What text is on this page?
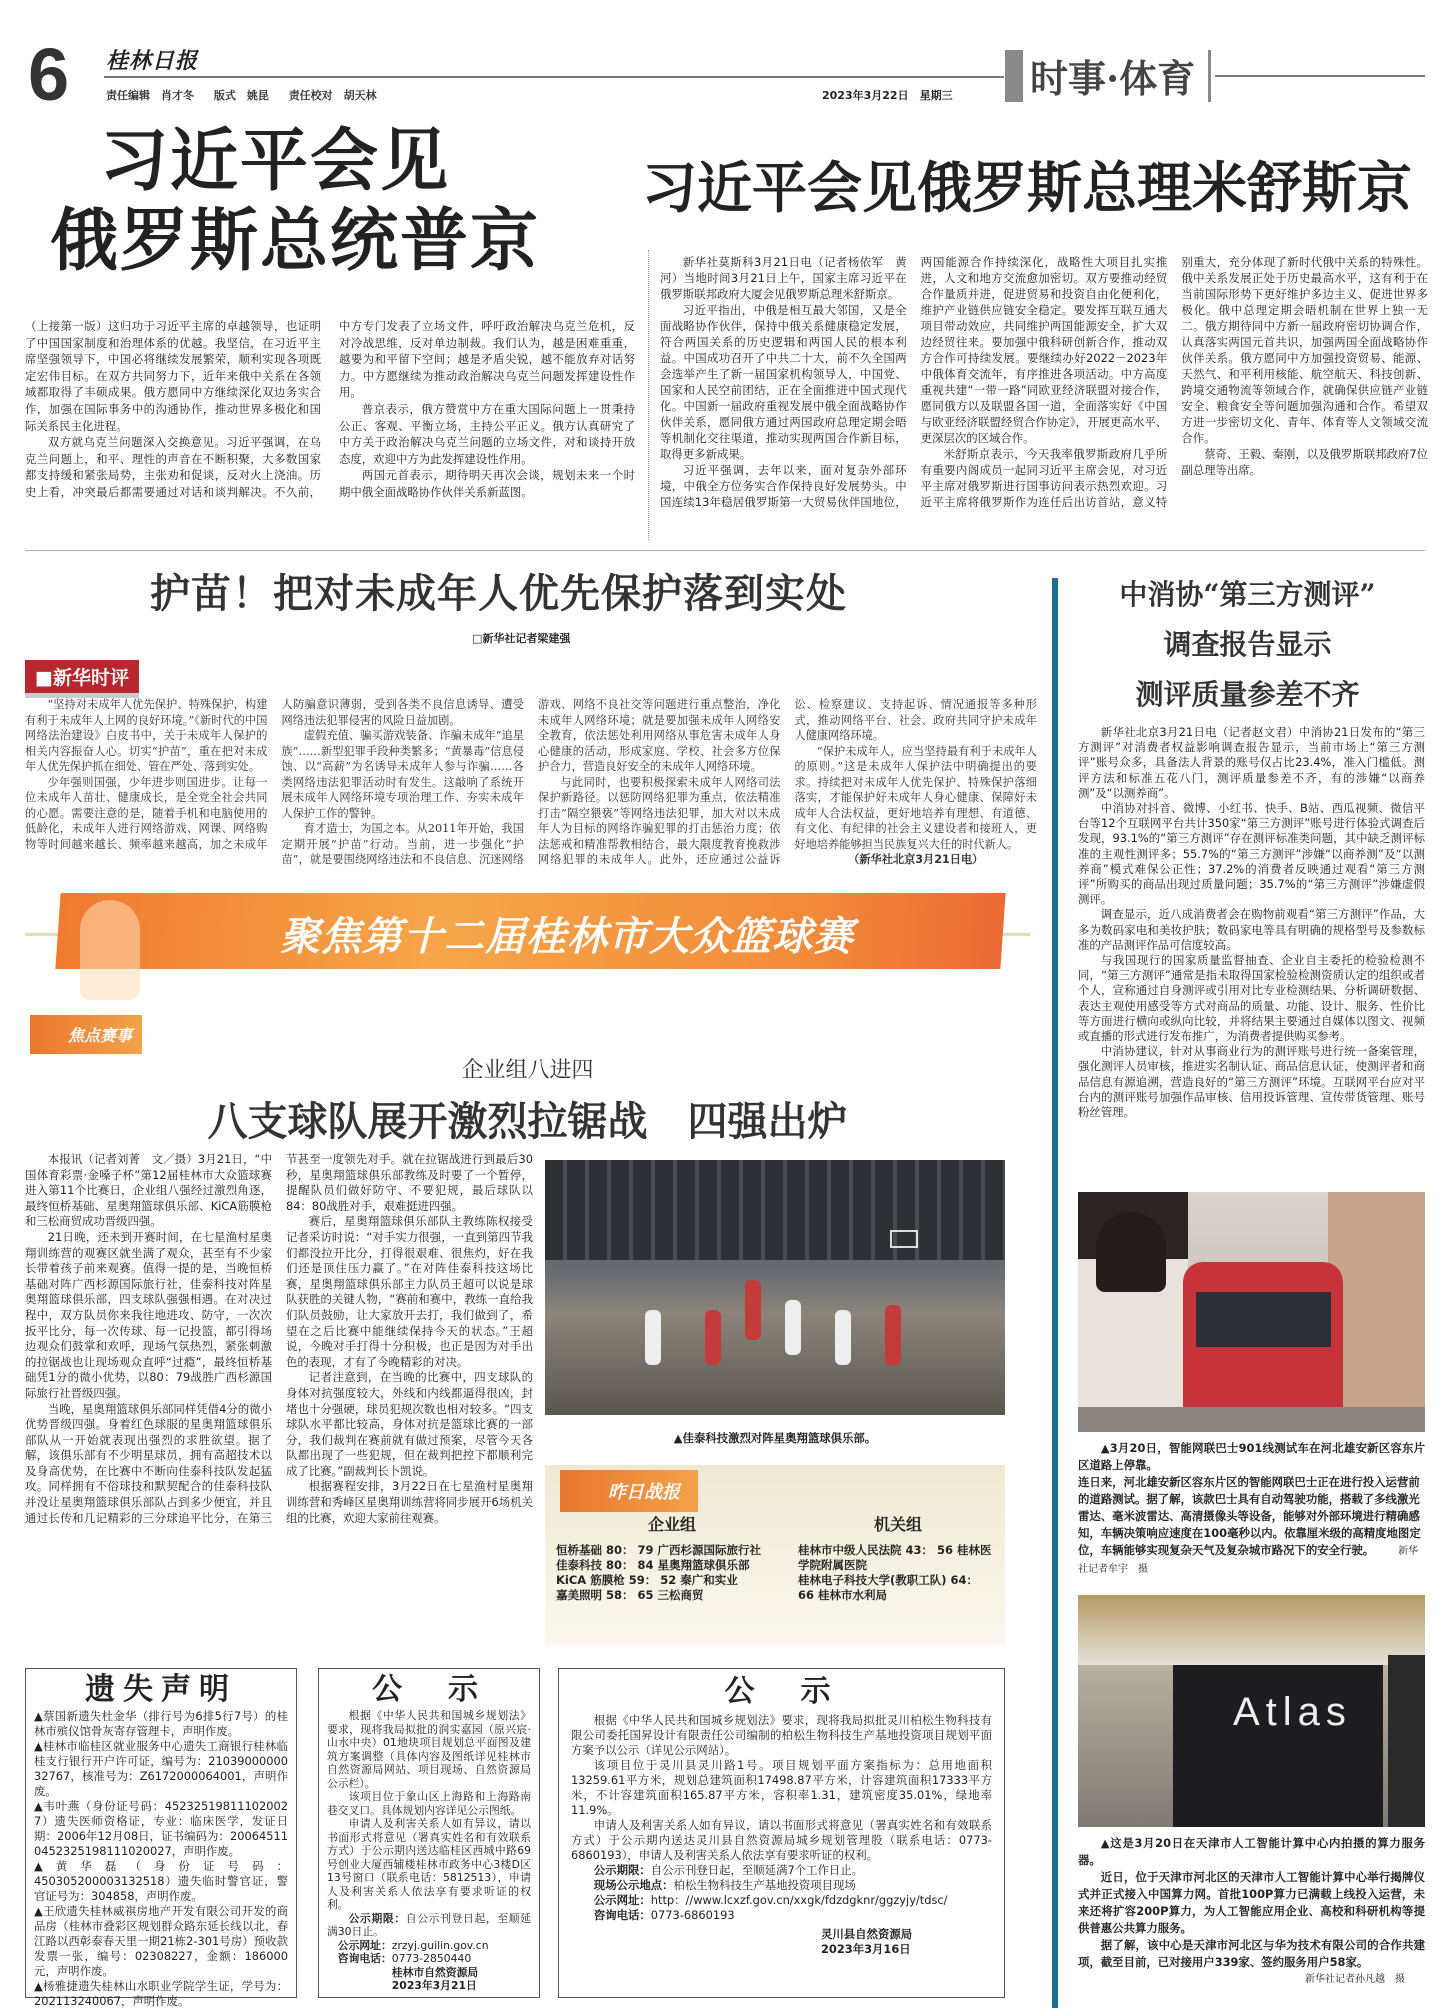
6 桂林日报
责任编辑　肖才冬 版式　姚昆 责任校对　胡天林	2023年3月22日　星期三 时事·体育
习近平会见
俄罗斯总统普京

（上接第一版）这归功于习近平主席的卓越领导，也证明了中国国家制度和治理体系的优越。我坚信，在习近平主席坚强领导下，中国必将继续发展繁荣，顺利实现各项既定宏伟目标。在双方共同努力下，近年来俄中关系在各领域都取得了丰硕成果。俄方愿同中方继续深化双边务实合作，加强在国际事务中的沟通协作，推动世界多极化和国际关系民主化进程。

双方就乌克兰问题深入交换意见。习近平强调，在乌克兰问题上，和平、理性的声音在不断积聚，大多数国家都支持缓和紧张局势，主张劝和促谈，反对火上浇油。历史上看，冲突最后都需要通过对话和谈判解决。不久前，中方专门发表了立场文件，呼吁政治解决乌克兰危机，反对冷战思维，反对单边制裁。我们认为，越是困难重重，越要为和平留下空间；越是矛盾尖锐，越不能放弃对话努力。中方愿继续为推动政治解决乌克兰问题发挥建设性作用。

普京表示，俄方赞赏中方在重大国际问题上一贯秉持公正、客观、平衡立场，主持公平正义。俄方认真研究了中方关于政治解决乌克兰问题的立场文件，对和谈持开放态度，欢迎中方为此发挥建设性作用。

两国元首表示，期待明天再次会谈，规划未来一个时期中俄全面战略协作伙伴关系新蓝图。

习近平会见俄罗斯总理米舒斯京

新华社莫斯科3月21日电（记者杨依军　黄河）当地时间3月21日上午，国家主席习近平在俄罗斯联邦政府大厦会见俄罗斯总理米舒斯京。

习近平指出，中俄是相互最大邻国，又是全面战略协作伙伴，保持中俄关系健康稳定发展，符合两国关系的历史逻辑和两国人民的根本利益。中国成功召开了中共二十大，前不久全国两会选举产生了新一届国家机构领导人，中国党、国家和人民空前团结，正在全面推进中国式现代化。中国新一届政府重视发展中俄全面战略协作伙伴关系，愿同俄方通过两国政府总理定期会晤等机制化交往渠道，推动实现两国合作新目标，取得更多新成果。

习近平强调，去年以来，面对复杂外部环境，中俄全方位务实合作保持良好发展势头。中国连续13年稳居俄罗斯第一大贸易伙伴国地位，两国能源合作持续深化，战略性大项目扎实推进，人文和地方交流愈加密切。双方要推动经贸合作量质并进，促进贸易和投资自由化便利化，维护产业链供应链安全稳定。要发挥互联互通大项目带动效应，共同维护两国能源安全，扩大双边经贸往来。要加强中俄科研创新合作，推动双方合作可持续发展。要继续办好2022－2023年中俄体育交流年，有序推进各项活动。中方高度重视共建“一带一路”同欧亚经济联盟对接合作，愿同俄方以及联盟各国一道，全面落实好《中国与欧亚经济联盟经贸合作协定》，开展更高水平、更深层次的区域合作。

米舒斯京表示，今天我率俄罗斯政府几乎所有重要内阁成员一起同习近平主席会见，对习近平主席对俄罗斯进行国事访问表示热烈欢迎。习近平主席将俄罗斯作为连任后出访首站，意义特别重大，充分体现了新时代俄中关系的特殊性。俄中关系发展正处于历史最高水平，这有利于在当前国际形势下更好维护多边主义、促进世界多极化。俄中总理定期会晤机制在世界上独一无二。俄方期待同中方新一届政府密切协调合作，认真落实两国元首共识，加强两国全面战略协作伙伴关系。俄方愿同中方加强投资贸易、能源、天然气、和平利用核能、航空航天、科技创新、跨境交通物流等领域合作，就确保供应链产业链安全、粮食安全等问题加强沟通和合作。希望双方进一步密切文化、青年、体育等人文领域交流合作。

蔡奇、王毅、秦刚，以及俄罗斯联邦政府7位副总理等出席。

护苗！把对未成年人优先保护落到实处
□新华社记者梁建强
■新华时评

“坚持对未成年人优先保护、特殊保护，构建有利于未成年人上网的良好环境。”《新时代的中国网络法治建设》白皮书中，关于未成年人保护的相关内容振奋人心。切实“护苗”，重在把对未成年人优先保护抓在细处、管在严处、落到实处。

少年强则国强，少年进步则国进步。让每一位未成年人苗壮、健康成长，是全党全社会共同的心愿。需要注意的是，随着手机和电脑使用的低龄化，未成年人进行网络游戏、网课、网络购物等时间越来越长、频率越来越高，加之未成年人防骗意识薄弱，受到各类不良信息诱导、遭受网络违法犯罪侵害的风险日益加剧。

虚假充值、骗买游戏装备、诈骗未成年“追星族”……新型犯罪手段种类繁多；“黄暴毒”信息侵蚀、以“高薪”为名诱导未成年人参与诈骗……各类网络违法犯罪活动时有发生。这敲响了系统开展未成年人网络环境专项治理工作、夯实未成年人保护工作的警钟。

育才造士，为国之本。从2011年开始，我国定期开展“护苗”行动。当前，进一步强化“护苗”，就是要围绕网络违法和不良信息、沉迷网络游戏、网络不良社交等问题进行重点整治，净化未成年人网络环境；就是要加强未成年人网络安全教育，依法惩处利用网络从事危害未成年人身心健康的活动，形成家庭、学校、社会多方位保护合力，营造良好安全的未成年人网络环境。

与此同时，也要积极探索未成年人网络司法保护新路径。以惩防网络犯罪为重点，依法精准打击“隔空猥亵”等网络违法犯罪，加大对以未成年人为目标的网络诈骗犯罪的打击惩治力度；依法惩戒和精准帮教相结合，最大限度教育挽救涉网络犯罪的未成年人。此外，还应通过公益诉讼、检察建议、支持起诉、情况通报等多种形式，推动网络平台、社会、政府共同守护未成年人健康网络环境。

“保护未成年人，应当坚持最有利于未成年人的原则。”这是未成年人保护法中明确提出的要求。持续把对未成年人优先保护、特殊保护落细落实，才能保护好未成年人身心健康、保障好未成年人合法权益，更好地培养有理想、有道德、有文化、有纪律的社会主义建设者和接班人，更好地培养能够担当民族复兴大任的时代新人。

（新华社北京3月21日电）
中消协“第三方测评”
调查报告显示
测评质量参差不齐

新华社北京3月21日电（记者赵文君）中消协21日发布的“第三方测评”对消费者权益影响调查报告显示，当前市场上“第三方测评”账号众多，具备法人背景的账号仅占比23.4%，准入门槛低。测评方法和标准五花八门，测评质量参差不齐，有的涉嫌“以商养测”及“以测养商”。

中消协对抖音、微博、小红书、快手、B站、西瓜视频、微信平台等12个互联网平台共计350家“第三方测评”账号进行体验式调查后发现，93.1%的“第三方测评”存在测评标准类问题，其中缺乏测评标准的主观性测评多；55.7%的“第三方测评”涉嫌“以商养测”及“以测养商”模式难保公正性；37.2%的消费者反映通过观看“第三方测评”所购买的商品出现过质量问题；35.7%的“第三方测评”涉嫌虚假测评。

调查显示，近八成消费者会在购物前观看“第三方测评”作品，大多为数码家电和美妆护肤；数码家电等具有明确的规格型号及参数标准的产品测评作品可信度较高。

与我国现行的国家质量监督抽查、企业自主委托的检验检测不同，“第三方测评”通常是指未取得国家检验检测资质认定的组织或者个人，宣称通过自身测评或引用对比专业检测结果、分析调研数据、表达主观使用感受等方式对商品的质量、功能、设计、服务、性价比等方面进行横向或纵向比较，并将结果主要通过自媒体以图文、视频或直播的形式进行发布推广，为消费者提供购买参考。

中消协建议，针对从事商业行为的测评账号进行统一备案管理，强化测评人员审核，推进实名制认证、商品信息认证，使测评者和商品信息有源追溯，营造良好的“第三方测评”环境。互联网平台应对平台内的测评账号加强作品审核、信用投诉管理、宣传带货管理、账号粉丝管理。

▲3月20日，智能网联巴士901线测试车在河北雄安新区容东片区道路上停靠。

连日来，河北雄安新区容东片区的智能网联巴士正在进行投入运营前的道路测试。据了解，该款巴士具有自动驾驶功能，搭载了多线激光雷达、毫米波雷达、高清摄像头等设备，能够对外部环境进行精确感知，车辆决策响应速度在100毫秒以内。依靠厘米级的高精度地图定位，车辆能够实现复杂天气及复杂城市路况下的安全行驶。 新华社记者牟宇　摄
Atlas

▲这是3月20日在天津市人工智能计算中心内拍摄的算力服务器。

近日，位于天津市河北区的天津市人工智能计算中心举行揭牌仪式并正式接入中国算力网。首批100P算力已满载上线投入运营，未来还将扩容200P算力，为人工智能应用企业、高校和科研机构等提供普惠公共算力服务。

据了解，该中心是天津市河北区与华为技术有限公司的合作共建项，截至目前，已对接用户339家、签约服务用户58家。

新华社记者孙凡越　摄
聚焦第十二届桂林市大众篮球赛
焦点赛事
企业组八进四
八支球队展开激烈拉锯战　四强出炉

本报讯（记者刘菁　文／摄）3月21日，“中国体育彩票·金嗓子杯”第12届桂林市大众篮球赛进入第11个比赛日，企业组八强经过激烈角逐，最终恒桥基础、星奥翔篮球俱乐部、KiCA筋膜枪和三松商贸成功晋级四强。

21日晚，还未到开赛时间，在七星渔村星奥翔训练营的观赛区就坐满了观众，甚至有不少家长带着孩子前来观赛。值得一提的是，当晚恒桥基础对阵广西杉源国际旅行社，佳泰科技对阵星奥翔篮球俱乐部，四支球队强强相遇。在对决过程中，双方队员你来我往地进攻、防守，一次次扳平比分，每一次传球、每一记投篮，都引得场边观众们鼓掌和欢呼，现场气氛热烈，紧张刺激的拉锯战也让现场观众直呼“过瘾”，最终恒桥基础凭1分的微小优势，以80：79战胜广西杉源国际旅行社晋级四强。

当晚，星奥翔篮球俱乐部同样凭借4分的微小优势晋级四强。身着红色球服的星奥翔篮球俱乐部队从一开始就表现出强烈的求胜欲望。据了解，该俱乐部有不少明星球员，拥有高超技术以及身高优势，在比赛中不断向佳泰科技队发起猛攻。同样拥有不俗球技和默契配合的佳泰科技队并没让星奥翔篮球俱乐部队占到多少便宜，并且通过长传和几记精彩的三分球追平比分，在第三节甚至一度领先对手。就在拉锯战进行到最后30秒，星奥翔篮球俱乐部教练及时要了一个暂停，提醒队员们做好防守、不要犯规，最后球队以84：80战胜对手，艰难挺进四强。

赛后，星奥翔篮球俱乐部队主教练陈权接受记者采访时说：“对手实力很强，一直到第四节我们都没拉开比分，打得很艰难、很焦灼，好在我们还是顶住压力赢了。”在对阵佳泰科技这场比赛，星奥翔篮球俱乐部主力队员王超可以说是球队获胜的关键人物，“赛前和赛中，教练一直给我们队员鼓励，让大家放开去打，我们做到了，希望在之后比赛中能继续保持今天的状态。”王超说，今晚对手打得十分积极，也正是因为对手出色的表现，才有了今晚精彩的对决。

记者注意到，在当晚的比赛中，四支球队的身体对抗强度较大，外线和内线都逼得很凶，封堵也十分强硬，球员犯规次数也相对较多。“四支球队水平都比较高，身体对抗是篮球比赛的一部分，我们裁判在赛前就有做过预案，尽管今天各队都出现了一些犯规，但在裁判把控下都顺利完成了比赛。”副裁判长卜凯说。

根据赛程安排，3月22日在七星渔村星奥翔训练营和秀峰区星奥翔训练营将同步展开6场机关组的比赛，欢迎大家前往观赛。

▲佳泰科技激烈对阵星奥翔篮球俱乐部。
昨日战报
企业组
恒桥基础 80： 79 广西杉源国际旅行社
佳泰科技 80： 84 星奥翔篮球俱乐部
KiCA 筋膜枪 59： 52 秦广和实业
嘉美照明 58： 65 三松商贸
机关组
桂林市中级人民法院 43： 56 桂林医学院附属医院
桂林电子科技大学(教职工队) 64： 66 桂林市水利局
遗失声明

▲蔡国新遗失杜金华（排行号为6排5行7号）的桂林市殡仪馆骨灰寄存管理卡，声明作废。

▲桂林市临桂区就业服务中心遗失工商银行桂林临桂支行银行开户许可证，编号为：2103900000032767，核准号为：Z6172000064001，声明作废。

▲韦叶燕（身份证号码：452325198111020027）遗失医师资格证，专业：临床医学，发证日期：2006年12月08日，证书编码为：200645110452325198111020027，声明作废。

▲黄华磊（身份证号码：450305200003132518）遗失临时警官证，警官证号为：304858，声明作废。

▲王欣遗失桂林威祺房地产开发有限公司开发的商品房（桂林市叠彩区规划群众路东延长线以北，春江路以西彰泰春天里一期21栋2-301号房）预收款发票一张，编号：02308227，金额：186000元，声明作废。

▲杨雅捷遗失桂林山水职业学院学生证，学号为：202113240067，声明作废。

公　示

根据《中华人民共和国城乡规划法》要求，现将我局拟批的润实嘉园（原兴宸·山水中央）01地块项目规划总平面图及建筑方案调整（具体内容及图纸详见桂林市自然资源局网站、项目现场、自然资源局公示栏）。

该项目位于象山区上海路和上海路南巷交叉口。具体规划内容详见公示图纸。

申请人及利害关系人如有异议，请以书面形式将意见（署真实姓名和有效联系方式）于公示期内送达临桂区西城中路69号创业大厦西辅楼桂林市政务中心3楼D区13号窗口（联系电话：5812513），申请人及利害关系人依法享有要求听证的权利。

公示期限：自公示刊登日起，至顺延满30日止。

公示网址：zrzyj.guilin.gov.cn

咨询电话：0773-2850440

桂林市自然资源局

2023年3月21日

公　示

根据《中华人民共和国城乡规划法》要求，现将我局拟批灵川柏松生物科技有限公司委托国昇设计有限责任公司编制的柏松生物科技生产基地投资项目规划平面方案予以公示（详见公示网站）。

该项目位于灵川县灵川路1号。项目规划平面方案指标为：总用地面积13259.61平方米，规划总建筑面积17498.87平方米，计容建筑面积17333平方米，不计容建筑面积165.87平方米，容积率1.31，建筑密度35.01%，绿地率11.9%。

申请人及利害关系人如有异议，请以书面形式将意见（署真实姓名和有效联系方式）于公示期内送达灵川县自然资源局城乡规划管理股（联系电话：0773-6860193），申请人及利害关系人依法享有要求听证的权利。

公示期限：自公示刊登日起，至顺延满7个工作日止。

现场公示地点：柏松生物科技生产基地投资项目现场

公示网址：http：//www.lcxzf.gov.cn/xxgk/fdzdgknr/ggzyjy/tdsc/

咨询电话：0773-6860193

灵川县自然资源局

2023年3月16日
